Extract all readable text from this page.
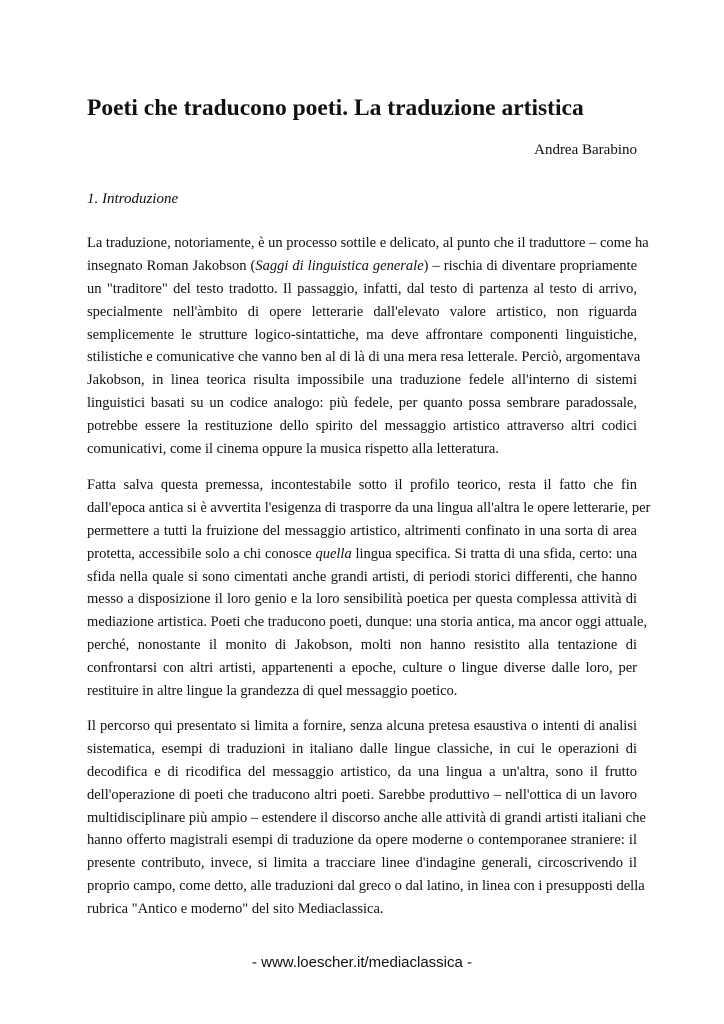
Poeti che traducono poeti. La traduzione artistica
Andrea Barabino
1. Introduzione
La traduzione, notoriamente, è un processo sottile e delicato, al punto che il traduttore – come ha
insegnato Roman Jakobson (Saggi di linguistica generale) – rischia di diventare propriamente
un "traditore" del testo tradotto. Il passaggio, infatti, dal testo di partenza al testo di arrivo,
specialmente nell'àmbito di opere letterarie dall'elevato valore artistico, non riguarda
semplicemente le strutture logico-sintattiche, ma deve affrontare componenti linguistiche,
stilistiche e comunicative che vanno ben al di là di una mera resa letterale. Perciò, argomentava
Jakobson, in linea teorica risulta impossibile una traduzione fedele all'interno di sistemi
linguistici basati su un codice analogo: più fedele, per quanto possa sembrare paradossale,
potrebbe essere la restituzione dello spirito del messaggio artistico attraverso altri codici
comunicativi, come il cinema oppure la musica rispetto alla letteratura.
Fatta salva questa premessa, incontestabile sotto il profilo teorico, resta il fatto che fin
dall'epoca antica si è avvertita l'esigenza di trasporre da una lingua all'altra le opere letterarie, per
permettere a tutti la fruizione del messaggio artistico, altrimenti confinato in una sorta di area
protetta, accessibile solo a chi conosce quella lingua specifica. Si tratta di una sfida, certo: una
sfida nella quale si sono cimentati anche grandi artisti, di periodi storici differenti, che hanno
messo a disposizione il loro genio e la loro sensibilità poetica per questa complessa attività di
mediazione artistica. Poeti che traducono poeti, dunque: una storia antica, ma ancor oggi attuale,
perché, nonostante il monito di Jakobson, molti non hanno resistito alla tentazione di
confrontarsi con altri artisti, appartenenti a epoche, culture o lingue diverse dalle loro, per
restituire in altre lingue la grandezza di quel messaggio poetico.
Il percorso qui presentato si limita a fornire, senza alcuna pretesa esaustiva o intenti di analisi
sistematica, esempi di traduzioni in italiano dalle lingue classiche, in cui le operazioni di
decodifica e di ricodifica del messaggio artistico, da una lingua a un'altra, sono il frutto
dell'operazione di poeti che traducono altri poeti. Sarebbe produttivo – nell'ottica di un lavoro
multidisciplinare più ampio – estendere il discorso anche alle attività di grandi artisti italiani che
hanno offerto magistrali esempi di traduzione da opere moderne o contemporanee straniere: il
presente contributo, invece, si limita a tracciare linee d'indagine generali, circoscrivendo il
proprio campo, come detto, alle traduzioni dal greco o dal latino, in linea con i presupposti della
rubrica "Antico e moderno" del sito Mediaclassica.
- www.loescher.it/mediaclassica -
